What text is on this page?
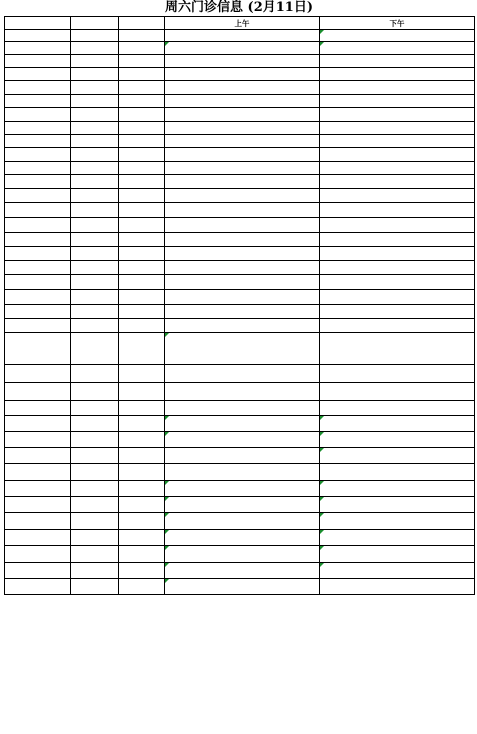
周六门诊信息 (2月11日)
			上午	下午
